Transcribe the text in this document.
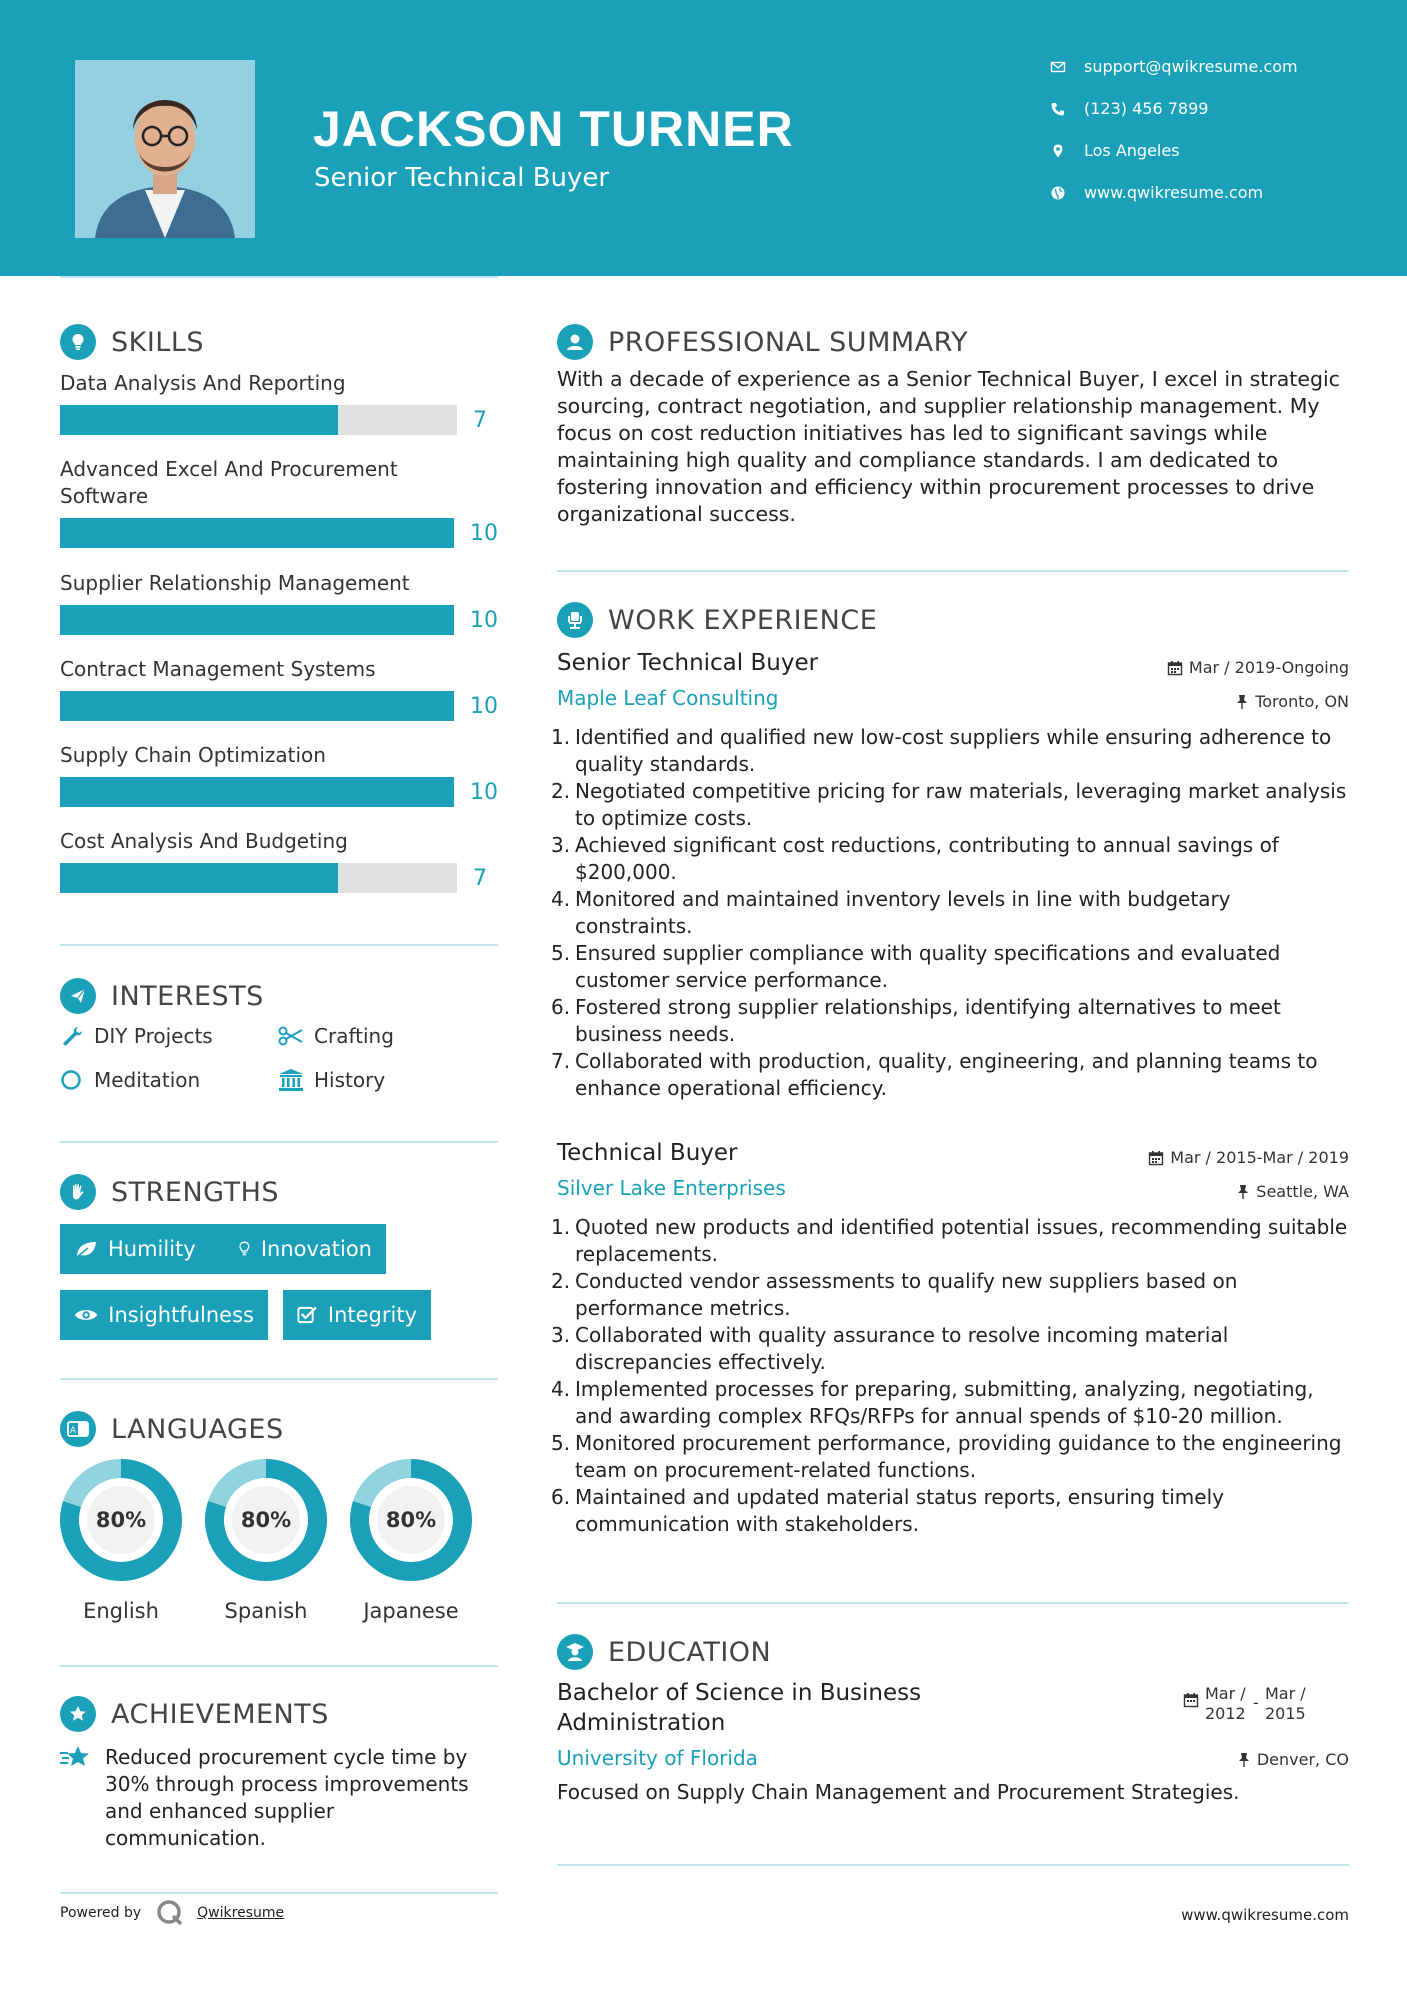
JACKSON TURNER
Senior Technical Buyer
support@qwikresume.com
(123) 456 7899
Los Angeles
www.qwikresume.com
SKILLS
Data Analysis And Reporting
7
Advanced Excel And Procurement Software
10
Supplier Relationship Management
10
Contract Management Systems
10
Supply Chain Optimization
10
Cost Analysis And Budgeting
7
INTERESTS
DIY Projects	Crafting
Meditation	History
STRENGTHS
Humility	Innovation
Insightfulness	Integrity
A LANGUAGES
80%
English
80%
Spanish
80%
Japanese
ACHIEVEMENTS
Reduced procurement cycle time by 30% through process improvements and enhanced supplier communication.
PROFESSIONAL SUMMARY
With a decade of experience as a Senior Technical Buyer, I excel in strategic sourcing, contract negotiation, and supplier relationship management. My focus on cost reduction initiatives has led to significant savings while maintaining high quality and compliance standards. I am dedicated to fostering innovation and efficiency within procurement processes to drive organizational success.
WORK EXPERIENCE
Senior Technical Buyer	Mar / 2019-Ongoing
Maple Leaf Consulting	Toronto, ON
1. Identified and qualified new low-cost suppliers while ensuring adherence to quality standards.
2. Negotiated competitive pricing for raw materials, leveraging market analysis to optimize costs.
3. Achieved significant cost reductions, contributing to annual savings of $200,000.
4. Monitored and maintained inventory levels in line with budgetary constraints.
5. Ensured supplier compliance with quality specifications and evaluated customer service performance.
6. Fostered strong supplier relationships, identifying alternatives to meet business needs.
7. Collaborated with production, quality, engineering, and planning teams to enhance operational efficiency.
Technical Buyer	Mar / 2015-Mar / 2019
Silver Lake Enterprises	Seattle, WA
1. Quoted new products and identified potential issues, recommending suitable replacements.
2. Conducted vendor assessments to qualify new suppliers based on performance metrics.
3. Collaborated with quality assurance to resolve incoming material discrepancies effectively.
4. Implemented processes for preparing, submitting, analyzing, negotiating, and awarding complex RFQs/RFPs for annual spends of $10-20 million.
5. Monitored procurement performance, providing guidance to the engineering team on procurement-related functions.
6. Maintained and updated material status reports, ensuring timely communication with stakeholders.
EDUCATION
Bachelor of Science in Business Administration
Mar / 2012
- Mar / 2015
University of Florida	Denver, CO
Focused on Supply Chain Management and Procurement Strategies.
Powered by	Qwikresume	www.qwikresume.com
